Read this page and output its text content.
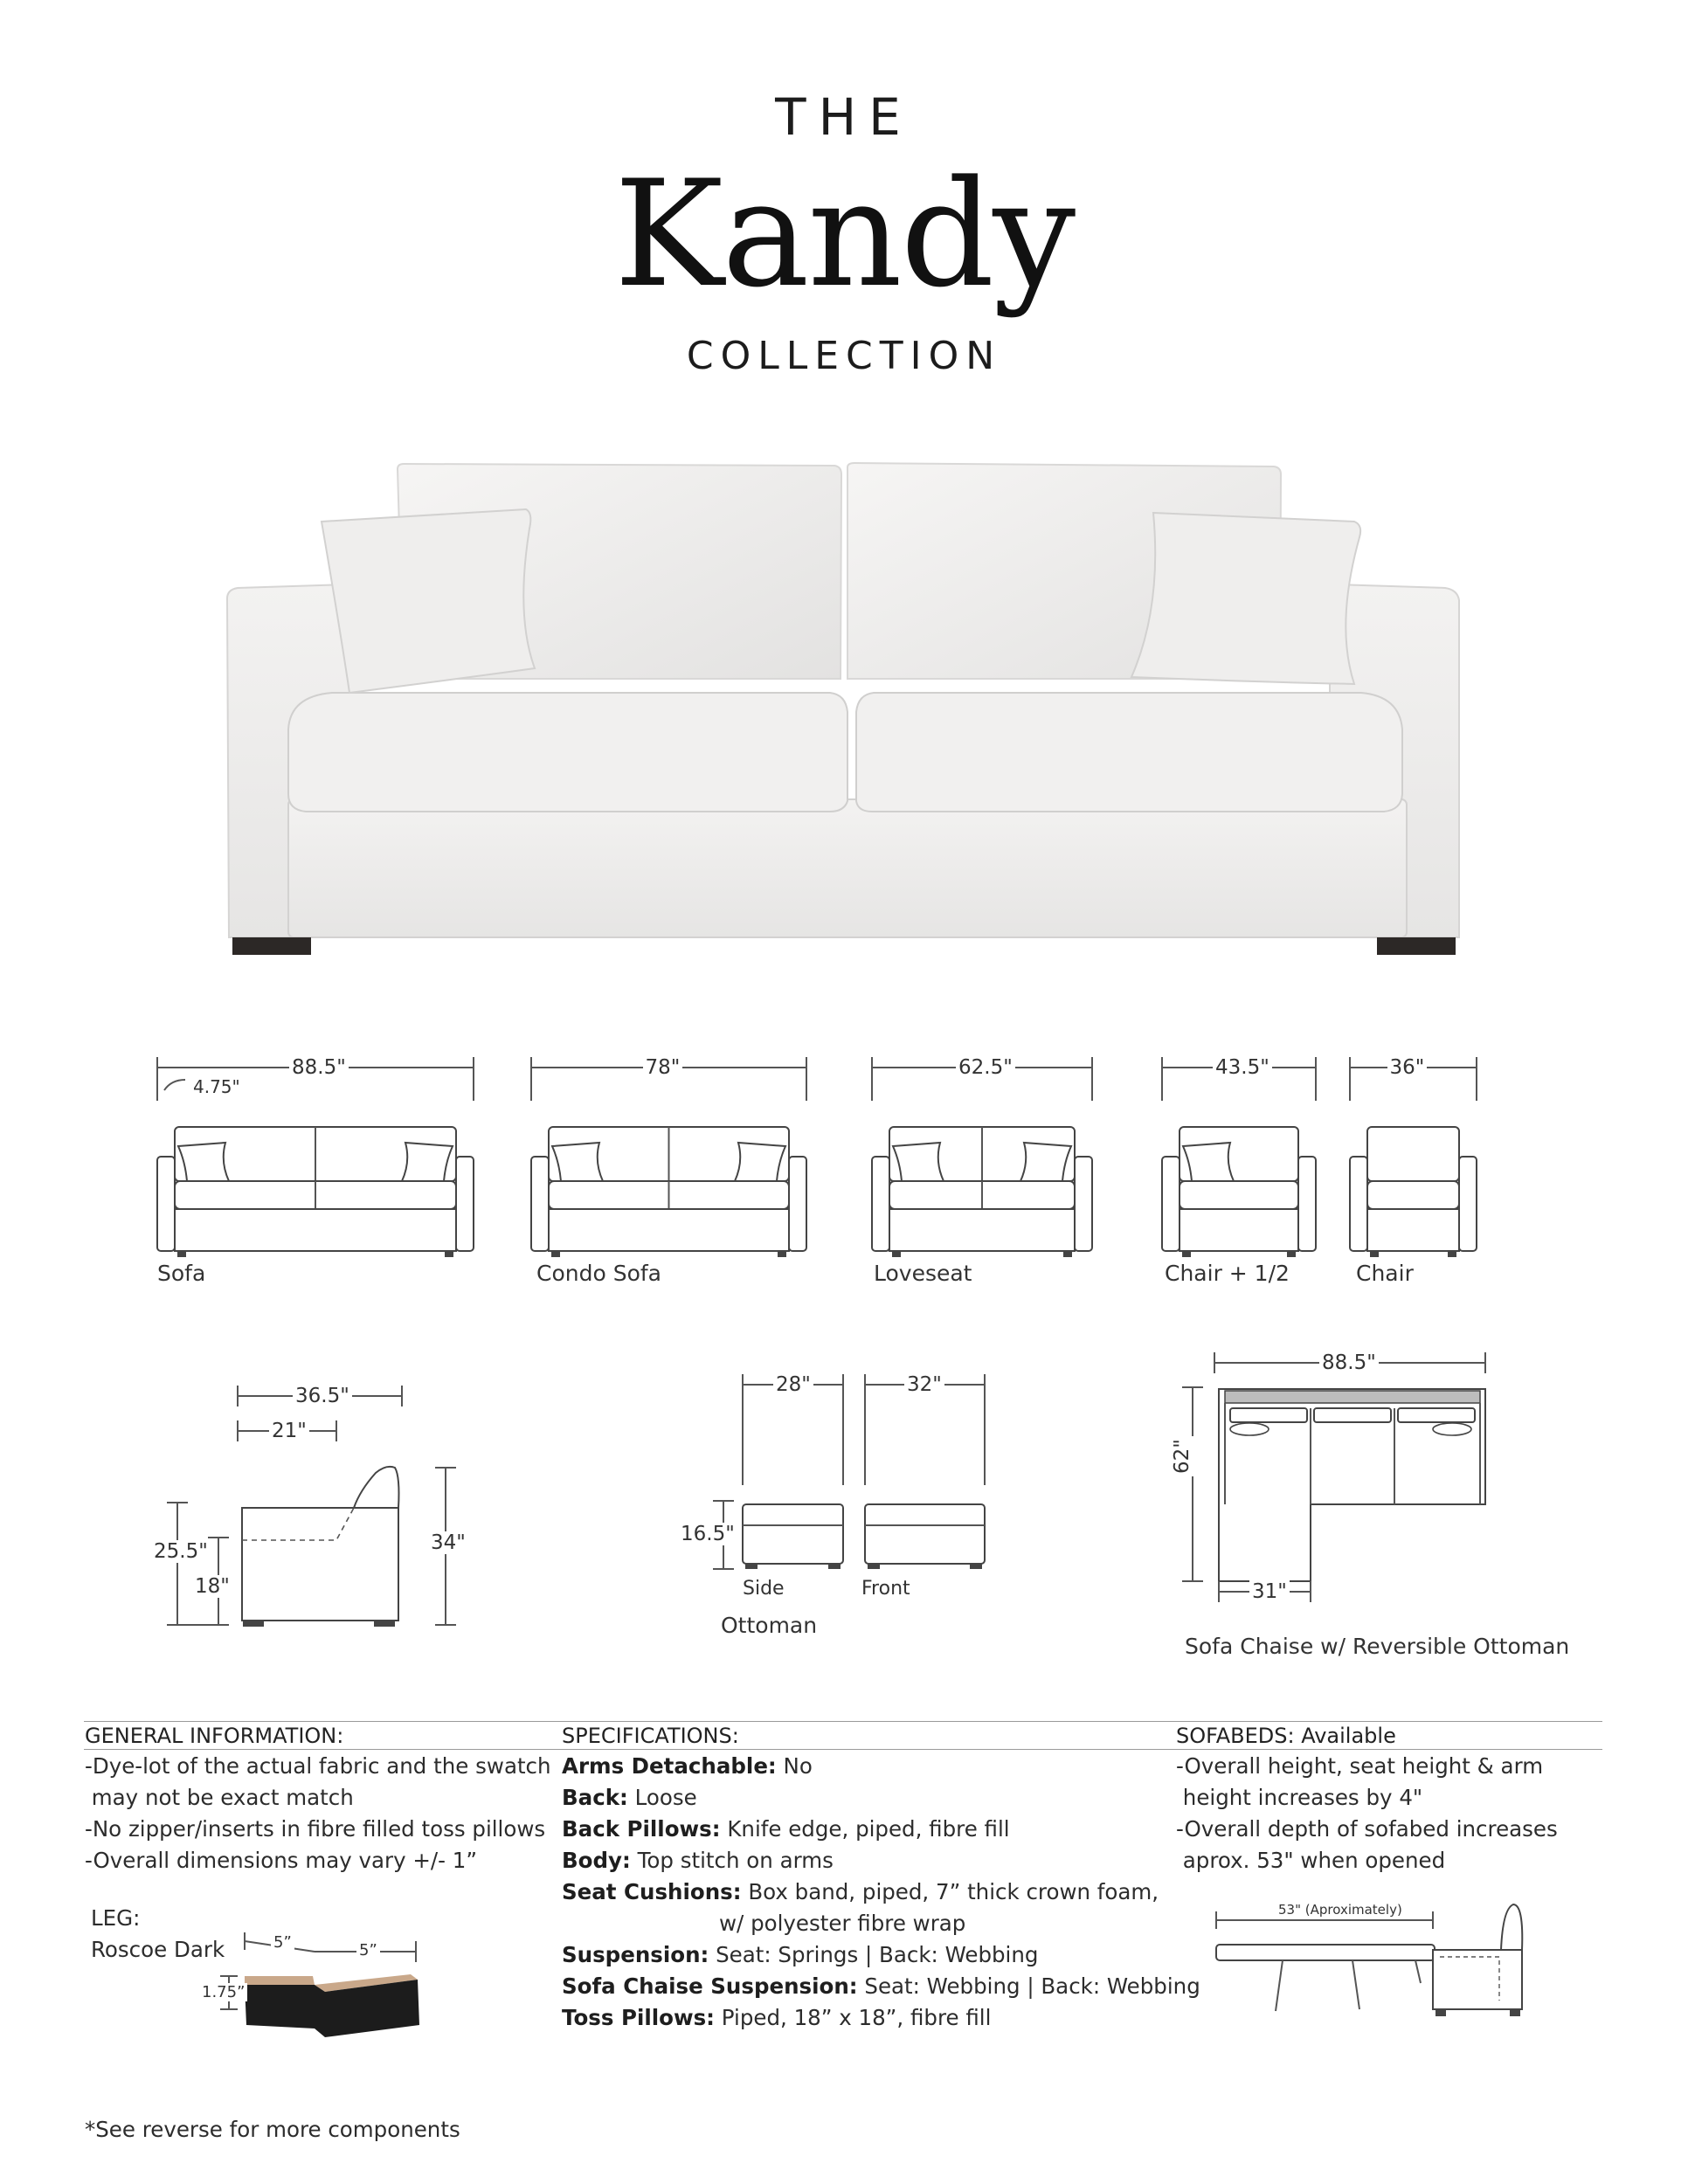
THE
Kandy
COLLECTION
88.5"
Sofa
78"
Condo Sofa
62.5"
Loveseat
43.5"
Chair + 1/2
36"
Chair
4.75"
36.5"
21"
34"
25.5"
18"
28"	32"
16.5"
Side	Front
Ottoman
88.5"
62"
31"
Sofa Chaise w/ Reversible Ottoman
GENERAL INFORMATION:	SPECIFICATIONS:	SOFABEDS: Available
-Dye-lot of the actual fabric and the swatch
may not be exact match
-No zipper/inserts in fibre filled toss pillows
-Overall dimensions may vary +/- 1”
LEG:
Roscoe Dark	5”	5”
1.75”
Arms Detachable: No
Back: Loose
Back Pillows: Knife edge, piped, fibre fill
Body: Top stitch on arms
Seat Cushions: Box band, piped, 7” thick crown foam,
w/ polyester fibre wrap
Suspension: Seat: Springs | Back: Webbing
Sofa Chaise Suspension: Seat: Webbing | Back: Webbing
Toss Pillows: Piped, 18” x 18”, fibre fill
-Overall height, seat height & arm
height increases by 4"
-Overall depth of sofabed increases
aprox. 53" when opened
53" (Aproximately)
*See reverse for more components
